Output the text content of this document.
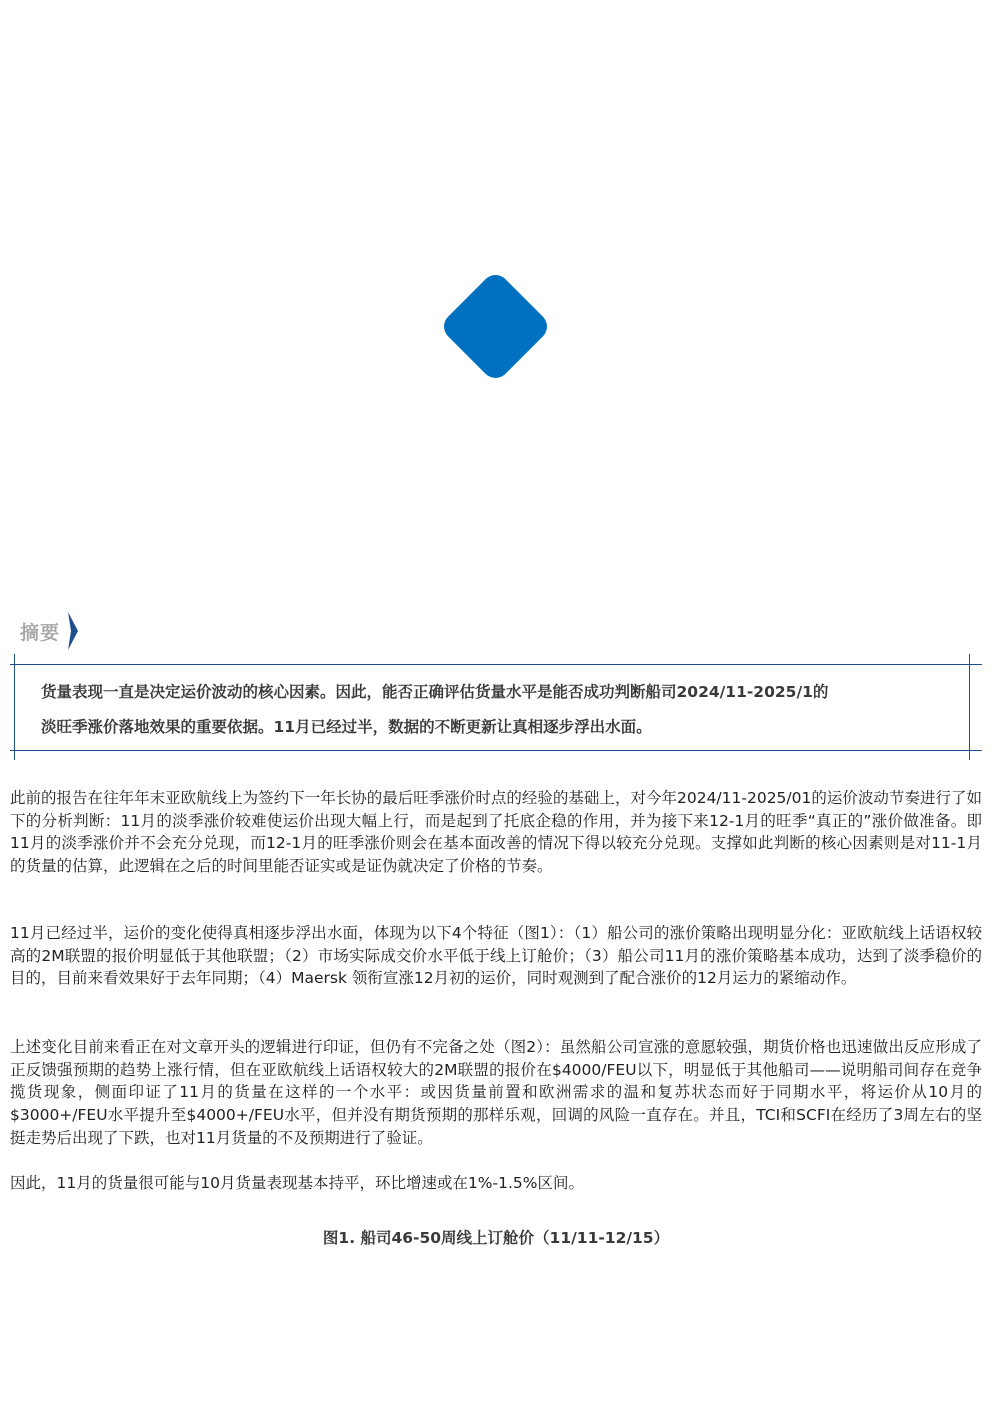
摘要
货量表现一直是决定运价波动的核心因素。因此，能否正确评估货量水平是能否成功判断船司2024/11-2025/1的
淡旺季涨价落地效果的重要依据。11月已经过半，数据的不断更新让真相逐步浮出水面。

此前的报告在往年年末亚欧航线上为签约下一年长协的最后旺季涨价时点的经验的基础上，对今年2024/11-2025/01的运价波动节奏进行了如下的分析判断：11月的淡季涨价较难使运价出现大幅上行，而是起到了托底企稳的作用，并为接下来12-1月的旺季“真正的”涨价做准备。即11月的淡季涨价并不会充分兑现，而12-1月的旺季涨价则会在基本面改善的情况下得以较充分兑现。支撑如此判断的核心因素则是对11-1月的货量的估算，此逻辑在之后的时间里能否证实或是证伪就决定了价格的节奏。

11月已经过半，运价的变化使得真相逐步浮出水面，体现为以下4个特征（图1）：（1）船公司的涨价策略出现明显分化：亚欧航线上话语权较高的2M联盟的报价明显低于其他联盟；（2）市场实际成交价水平低于线上订舱价；（3）船公司11月的涨价策略基本成功，达到了淡季稳价的目的，目前来看效果好于去年同期；（4）Maersk 领衔宣涨12月初的运价，同时观测到了配合涨价的12月运力的紧缩动作。

上述变化目前来看正在对文章开头的逻辑进行印证，但仍有不完备之处（图2）：虽然船公司宣涨的意愿较强，期货价格也迅速做出反应形成了正反馈强预期的趋势上涨行情，但在亚欧航线上话语权较大的2M联盟的报价在$4000/FEU以下，明显低于其他船司——说明船司间存在竞争揽货现象，侧面印证了11月的货量在这样的一个水平：或因货量前置和欧洲需求的温和复苏状态而好于同期水平，将运价从10月的$3000+/FEU水平提升至$4000+/FEU水平，但并没有期货预期的那样乐观，回调的风险一直存在。并且，TCI和SCFI在经历了3周左右的坚挺走势后出现了下跌，也对11月货量的不及预期进行了验证。

因此，11月的货量很可能与10月货量表现基本持平，环比增速或在1%-1.5%区间。

图1. 船司46-50周线上订舱价（11/11-12/15）
